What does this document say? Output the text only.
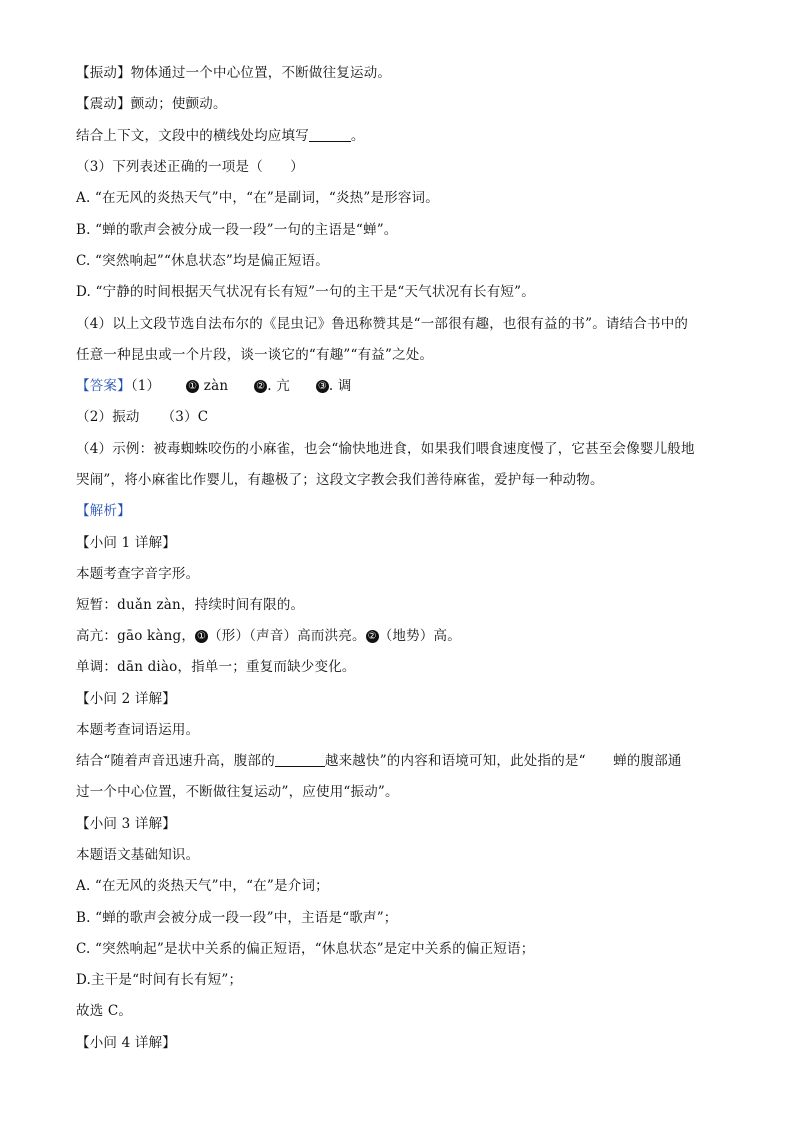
【振动】物体通过一个中心位置，不断做往复运动。
【震动】颤动；使颤动。
结合上下文，文段中的横线处均应填写	。
（3）下列表述正确的一项是（　　）
A. “在无风的炎热天气”中，“在”是副词，“炎热”是形容词。
B. “蝉的歌声会被分成一段一段”一句的主语是“蝉”。
C. “突然响起”“休息状态”均是偏正短语。
D. “宁静的时间根据天气状况有长有短”一句的主干是“天气状况有长有短”。
（4）以上文段节选自法布尔的《昆虫记》鲁迅称赞其是“一部很有趣，也很有益的书”。请结合书中的
任意一种昆虫或一个片段，谈一谈它的“有趣”“有益”之处。
【答案】（1）	① zàn	② . 亢	③ . 调
（2）振动 （3）C
（4）示例：被毒蜘蛛咬伤的小麻雀，也会“愉快地进食，如果我们喂食速度慢了，它甚至会像婴儿般地
哭闹”，将小麻雀比作婴儿，有趣极了；这段文字教会我们善待麻雀，爱护每一种动物。
【解析】
【小问 1 详解】
本题考查字音字形。
短暂：duǎn zàn，持续时间有限的。
高亢：gāo kàng， ① （形）（声音）高而洪亮。 ② （地势）高。
单调：dān diào，指单一；重复而缺少变化。
【小问 2 详解】
本题考查词语运用。
结合“随着声音迅速升高，腹部的	越来越快”的内容和语境可知，此处指的是“　　蝉的腹部通
过一个中心位置，不断做往复运动”，应使用“振动”。
【小问 3 详解】
本题语文基础知识。
A. “在无风的炎热天气”中，“在”是介词；
B. “蝉的歌声会被分成一段一段”中，主语是“歌声”；
C. “突然响起”是状中关系的偏正短语，“休息状态”是定中关系的偏正短语；
D.主干是“时间有长有短”；
故选 C。
【小问 4 详解】
